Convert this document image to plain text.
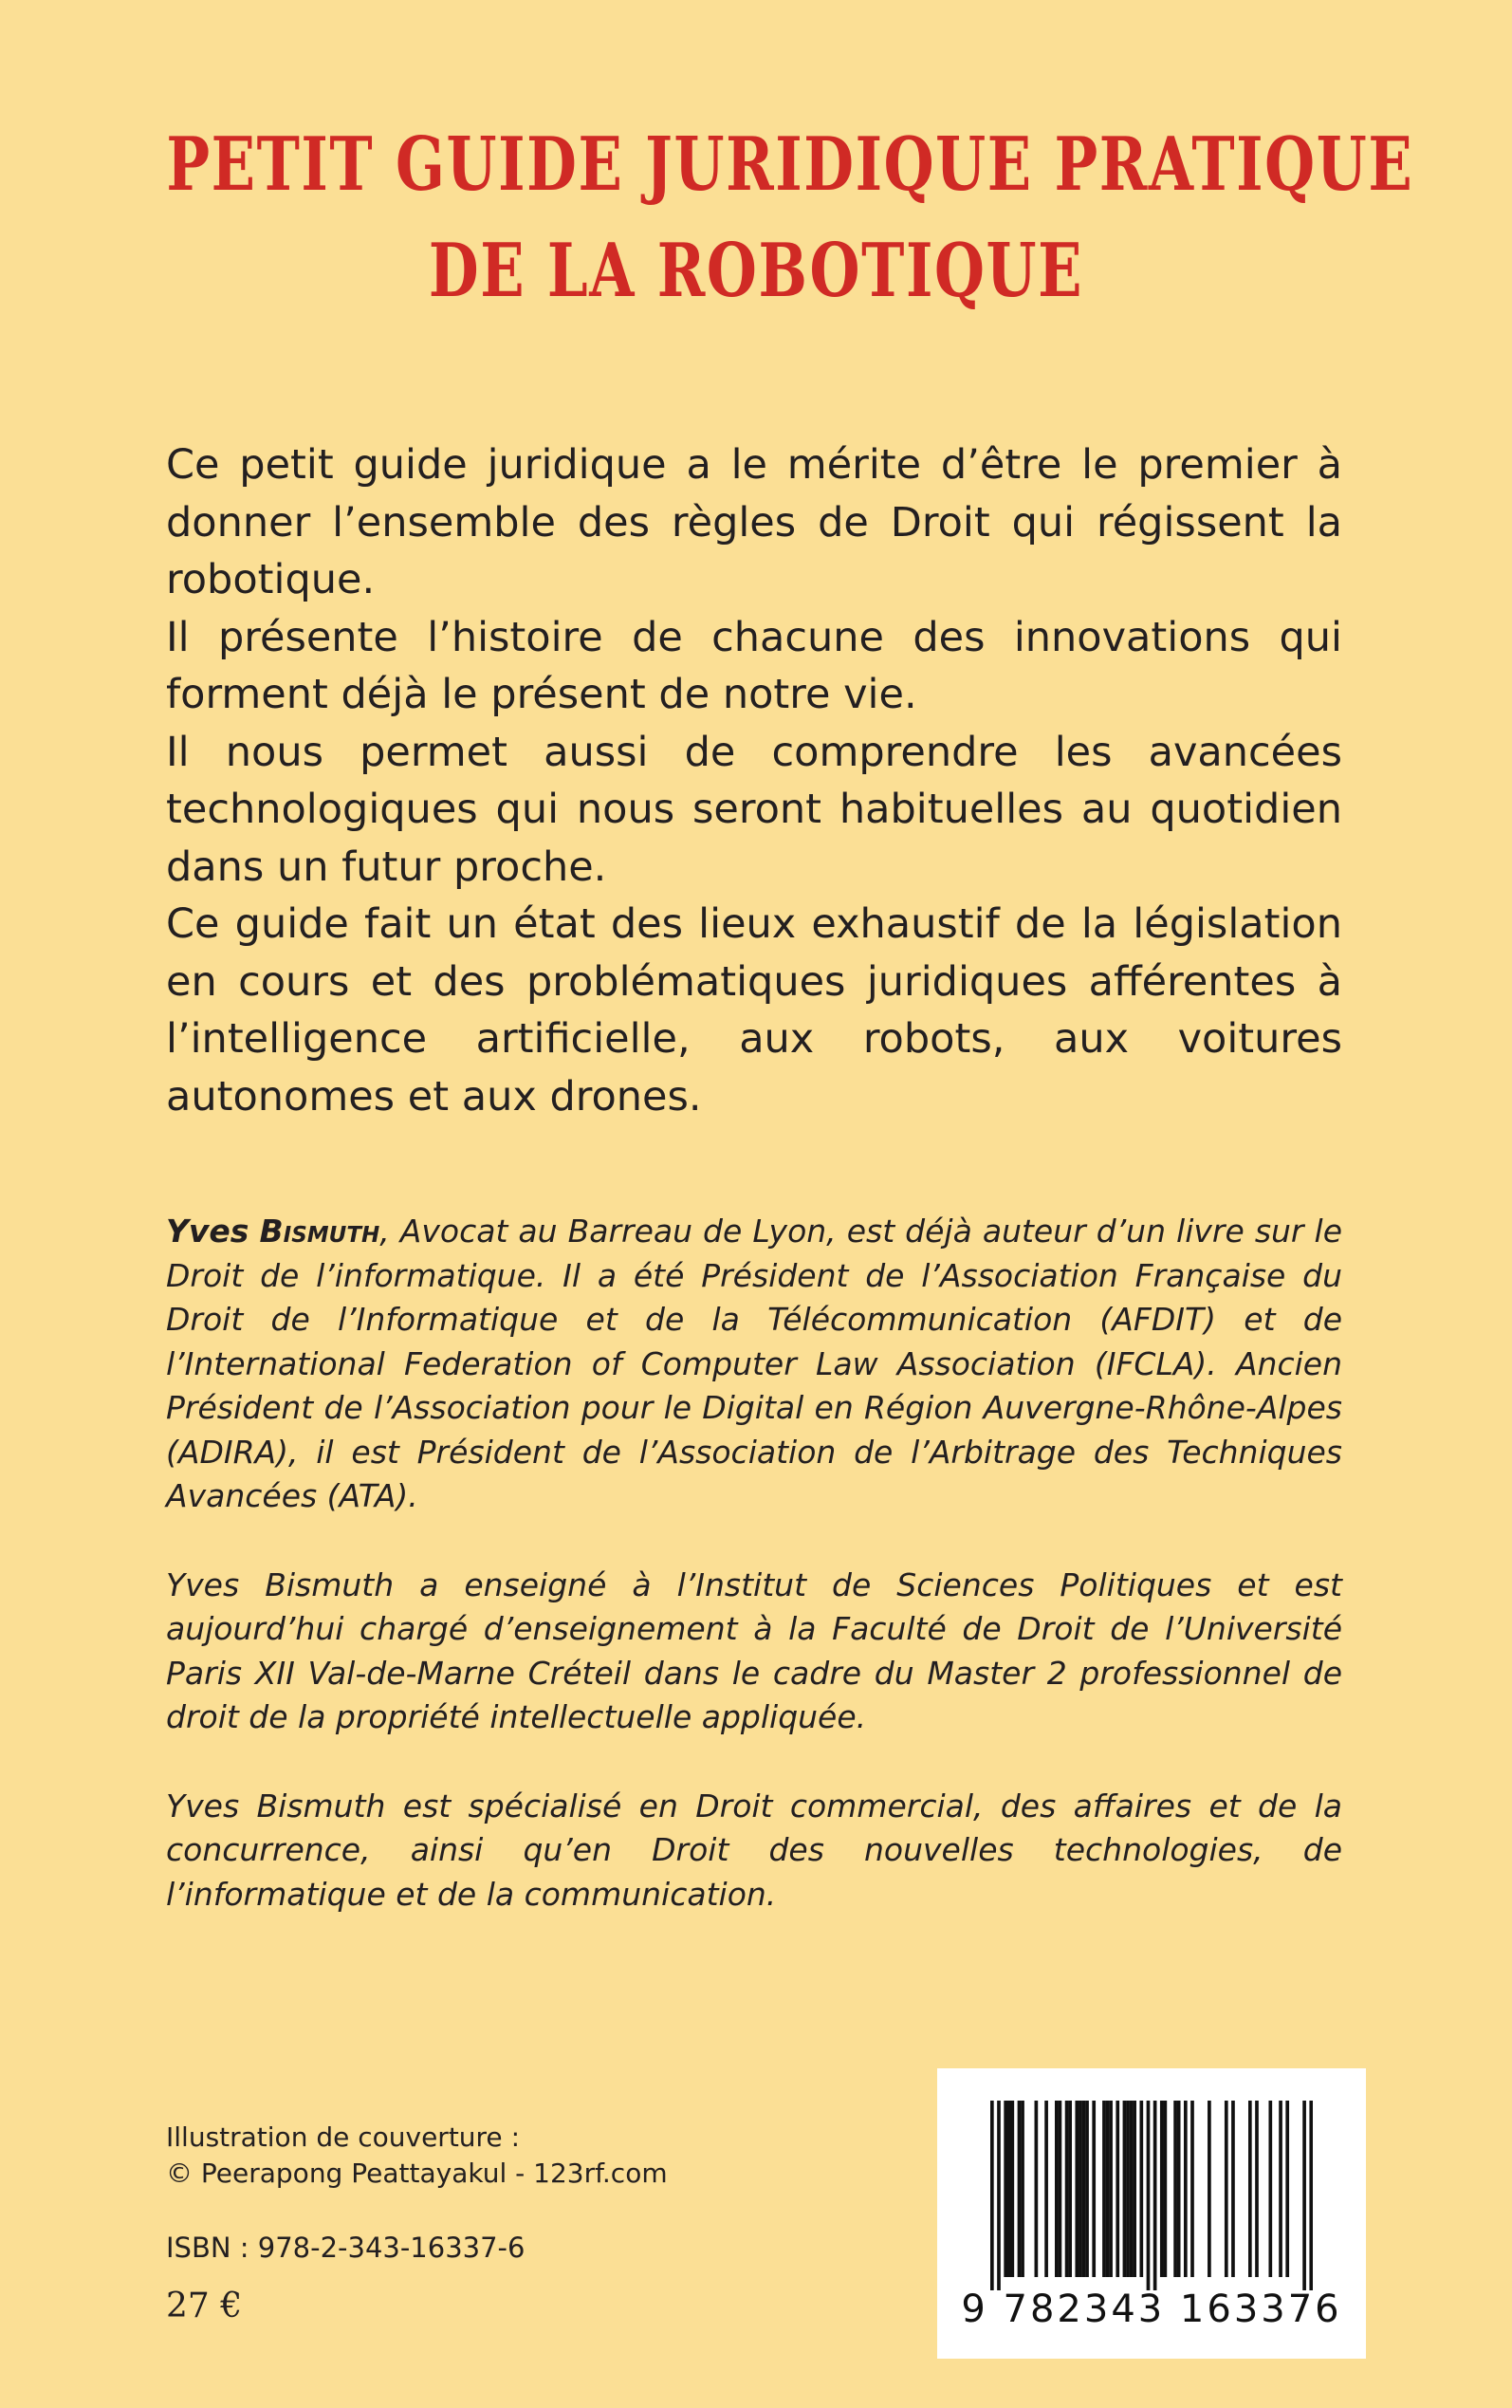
PETIT GUIDE JURIDIQUE PRATIQUE
DE LA ROBOTIQUE

Ce petit guide juridique a le mérite d’être le premier à donner l’ensemble des règles de Droit qui régissent la robotique.

Il présente l’histoire de chacune des innovations qui forment déjà le présent de notre vie.

Il nous permet aussi de comprendre les avancées technologiques qui nous seront habituelles au quotidien dans un futur proche.

Ce guide fait un état des lieux exhaustif de la législation en cours et des problématiques juridiques afférentes à l’intelligence artificielle, aux robots, aux voitures autonomes et aux drones.

Yves Bismuth, Avocat au Barreau de Lyon, est déjà auteur d’un livre sur le Droit de l’informatique. Il a été Président de l’Association Française du Droit de l’Informatique et de la Télécommunication (AFDIT) et de l’International Federation of Computer Law Association (IFCLA). Ancien Président de l’Association pour le Digital en Région Auvergne-Rhône-Alpes (ADIRA), il est Président de l’Association de l’Arbitrage des Techniques Avancées (ATA).

Yves Bismuth a enseigné à l’Institut de Sciences Politiques et est aujourd’hui chargé d’enseignement à la Faculté de Droit de l’Université Paris XII Val-de-Marne Créteil dans le cadre du Master 2 professionnel de droit de la propriété intellectuelle appliquée.

Yves Bismuth est spécialisé en Droit commercial, des affaires et de la concurrence, ainsi qu’en Droit des nouvelles technologies, de l’informatique et de la communication.

Illustration de couverture :
© Peerapong Peattayakul - 123rf.com
ISBN : 978-2-343-16337-6
27 €	9 782343 163376
